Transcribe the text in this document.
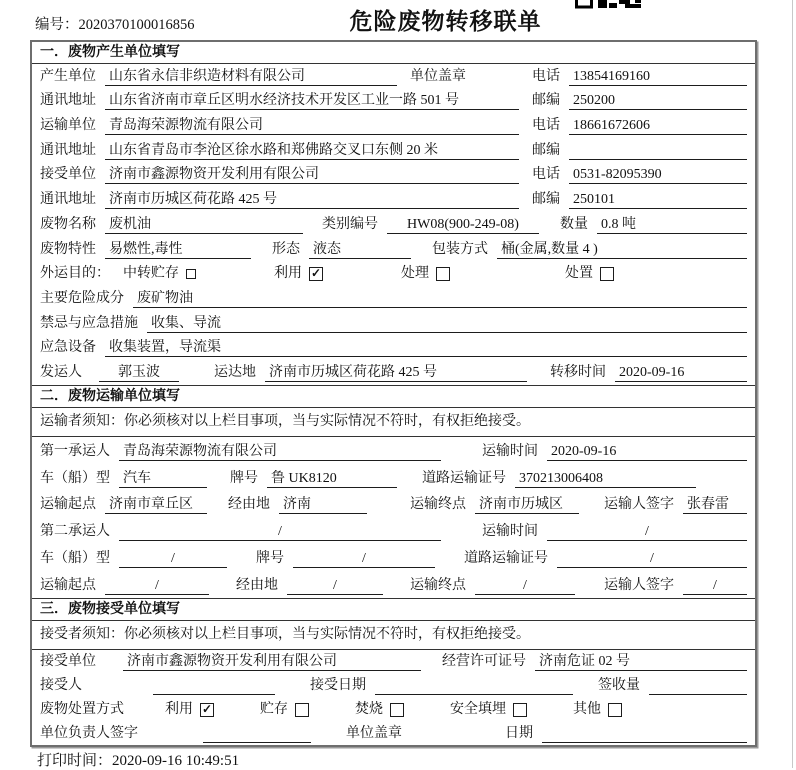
编号：2020370100016856	危险废物转移联单
一．废物产生单位填写
产生单位 山东省永信非织造材料有限公司	单位盖章	电话 13854169160
通讯地址 山东省济南市章丘区明水经济技术开发区工业一路 501 号	邮编 250200
运输单位 青岛海荣源物流有限公司	电话 18661672606
通讯地址 山东省青岛市李沧区徐水路和郑佛路交叉口东侧 20 米	邮编
接受单位 济南市鑫源物资开发利用有限公司	电话 0531-82095390
通讯地址 济南市历城区荷花路 425 号	邮编 250101
废物名称 废机油	类别编号	HW08(900-249-08)	数量 0.8 吨
废物特性 易燃性,毒性	形态 液态	包装方式 桶(金属,数量 4 )
外运目的： 中转贮存	利用 ✓	处理	处置
主要危险成分 废矿物油
禁忌与应急措施 收集、导流
应急设备 收集装置，导流渠
发运人	郭玉波	运达地 济南市历城区荷花路 425 号	转移时间 2020-09-16
二．废物运输单位填写
运输者须知：你必须核对以上栏目事项，当与实际情况不符时，有权拒绝接受。
第一承运人 青岛海荣源物流有限公司	运输时间 2020-09-16
车（船）型 汽车	牌号 鲁 UK8120	道路运输证号 370213006408
运输起点 济南市章丘区	经由地 济南	运输终点 济南市历城区	运输人签字 张春雷
第二承运人	/	运输时间	/
车（船）型	/	牌号	/	道路运输证号	/
运输起点	/	经由地	/	运输终点	/	运输人签字	/
三．废物接受单位填写
接受者须知：你必须核对以上栏目事项，当与实际情况不符时，有权拒绝接受。
接受单位 济南市鑫源物资开发利用有限公司	经营许可证号 济南危证 02 号
接受人	接受日期	签收量
废物处置方式	利用 ✓	贮存	焚烧	安全填埋	其他
单位负责人签字	单位盖章	日期
打印时间：2020-09-16 10:49:51
